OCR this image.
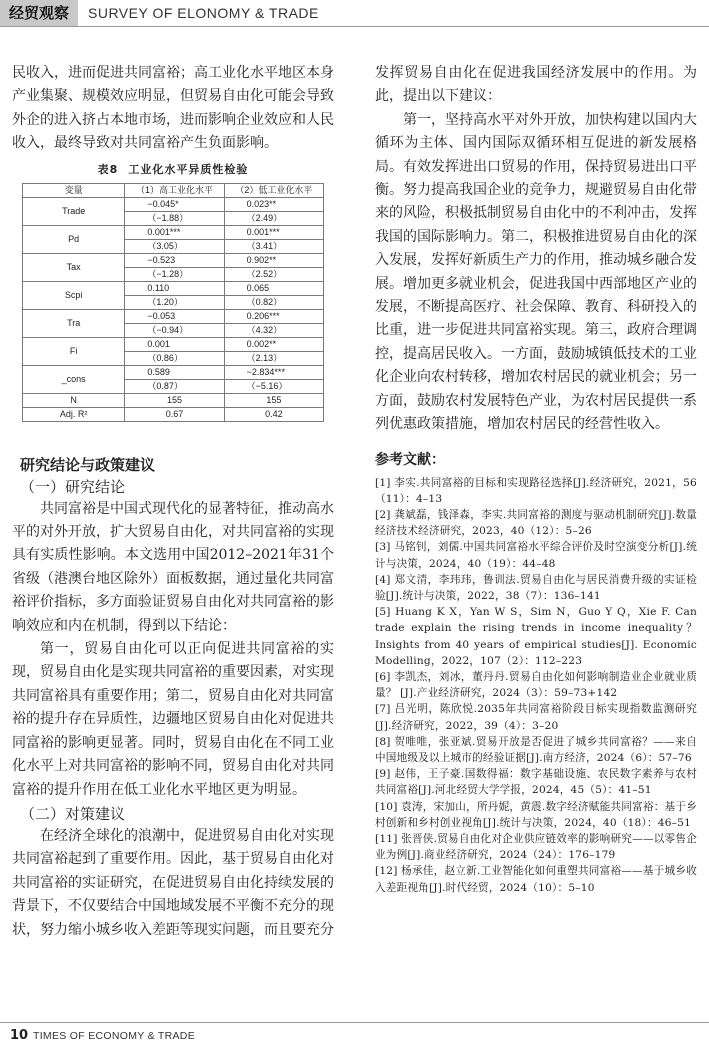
经贸观察	SURVEY OF ELONOMY & TRADE

民收入，进而促进共同富裕；高工业化水平地区本身产业集聚、规模效应明显，但贸易自由化可能会导致外企的进入挤占本地市场，进而影响企业效应和人民收入，最终导致对共同富裕产生负面影响。

表8 工业化水平异质性检验
变量	（1）高工业化水平	（2）低工业化水平
Trade	−0.045*	0.023**
	（−1.88）	（2.49）
Pd	0.001***	0.001***
	（3.05）	（3.41）
Tax	−0.523	0.902**
	（−1.28）	（2.52）
Scpi	0.110	0.065
	（1.20）	（0.82）
Tra	−0.053	0.206***
	（−0.94）	（4.32）
Fi	0.001	0.002**
	（0.86）	（2.13）
_cons	0.589	−2.834***
	（0.87）	（−5.16）
N	155	155
Adj. R²	0.67	0.42
研究结论与政策建议
（一）研究结论

共同富裕是中国式现代化的显著特征，推动高水平的对外开放，扩大贸易自由化，对共同富裕的实现具有实质性影响。本文选用中国2012–2021年31个省级（港澳台地区除外）面板数据，通过量化共同富裕评价指标，多方面验证贸易自由化对共同富裕的影响效应和内在机制，得到以下结论：

第一，贸易自由化可以正向促进共同富裕的实现，贸易自由化是实现共同富裕的重要因素，对实现共同富裕具有重要作用；第二，贸易自由化对共同富裕的提升存在异质性，边疆地区贸易自由化对促进共同富裕的影响更显著。同时，贸易自由化在不同工业化水平上对共同富裕的影响不同，贸易自由化对共同富裕的提升作用在低工业化水平地区更为明显。

（二）对策建议

在经济全球化的浪潮中，促进贸易自由化对实现共同富裕起到了重要作用。因此，基于贸易自由化对共同富裕的实证研究，在促进贸易自由化持续发展的背景下，不仅要结合中国地域发展不平衡不充分的现状，努力缩小城乡收入差距等现实问题，而且要充分

发挥贸易自由化在促进我国经济发展中的作用。为此，提出以下建议：

第一，坚持高水平对外开放，加快构建以国内大循环为主体、国内国际双循环相互促进的新发展格局。有效发挥进出口贸易的作用，保持贸易进出口平衡。努力提高我国企业的竞争力，规避贸易自由化带来的风险，积极抵制贸易自由化中的不利冲击，发挥我国的国际影响力。第二，积极推进贸易自由化的深入发展，发挥好新质生产力的作用，推动城乡融合发展。增加更多就业机会，促进我国中西部地区产业的发展，不断提高医疗、社会保障、教育、科研投入的比重，进一步促进共同富裕实现。第三，政府合理调控，提高居民收入。一方面，鼓励城镇低技术的工业化企业向农村转移，增加农村居民的就业机会；另一方面，鼓励农村发展特色产业，为农村居民提供一系列优惠政策措施，增加农村居民的经营性收入。

参考文献：

[1] 李实.共同富裕的目标和实现路径选择[J].经济研究，2021，56（11）：4–13

[2] 龚斌磊，钱泽森，李实.共同富裕的测度与驱动机制研究[J].数量经济技术经济研究，2023，40（12）：5–26

[3] 马铭钊，刘儒.中国共同富裕水平综合评价及时空演变分析[J].统计与决策，2024，40（19）：44–48

[4] 郑文清，李玮玮，鲁训法.贸易自由化与居民消费升级的实证检验[J].统计与决策，2022，38（7）：136–141

[5] Huang K X，Yan W S，Sim N，Guo Y Q，Xie F. Can trade explain the rising trends in income inequality？ Insights from 40 years of empirical studies[J]. Economic Modelling，2022，107（2）：112–223

[6] 李凯杰，刘冰，董丹丹.贸易自由化如何影响制造业企业就业质量？ [J].产业经济研究，2024（3）：59–73+142

[7] 吕光明，陈欣悦.2035年共同富裕阶段目标实现指数监测研究[J].经济研究，2022，39（4）：3–20

[8] 贺唯唯，张亚斌.贸易开放是否促进了城乡共同富裕？——来自中国地级及以上城市的经验证据[J].南方经济，2024（6）：57–76

[9] 赵伟，王子豪.国数得福：数字基础设施、农民数字素养与农村共同富裕[J].河北经贸大学学报，2024，45（5）：41–51

[10] 袁涛，宋加山，所丹妮，黄震.数字经济赋能共同富裕：基于乡村创新和乡村创业视角[J].统计与决策，2024，40（18）：46–51

[11] 张晋侠.贸易自由化对企业供应链效率的影响研究——以零售企业为例[J].商业经济研究，2024（24）：176–179

[12] 杨承佳，赵立新.工业智能化如何重塑共同富裕——基于城乡收入差距视角[J].时代经贸，2024（10）：5–10

10 TIMES OF ECONOMY & TRADE
